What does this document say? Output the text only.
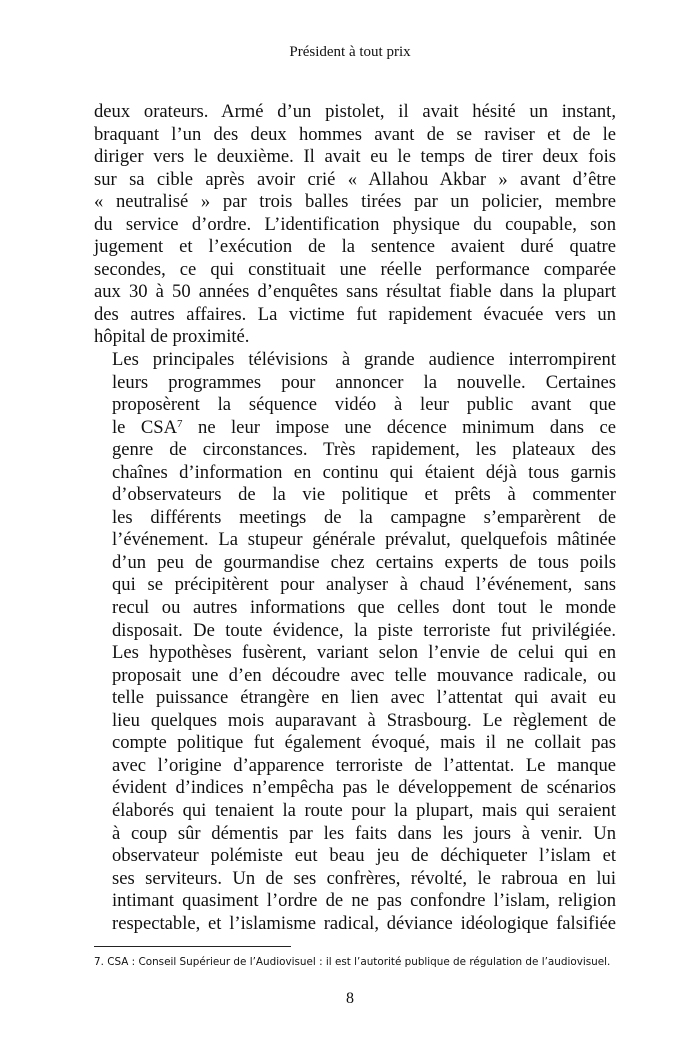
Président à tout prix

deux orateurs. Armé d’un pistolet, il avait hésité un instant,
braquant l’un des deux hommes avant de se raviser et de le
diriger vers le deuxième. Il avait eu le temps de tirer deux fois
sur sa cible après avoir crié « Allahou Akbar » avant d’être
« neutralisé » par trois balles tirées par un policier, membre
du service d’ordre. L’identification physique du coupable, son
jugement et l’exécution de la sentence avaient duré quatre
secondes, ce qui constituait une réelle performance comparée
aux 30 à 50 années d’enquêtes sans résultat fiable dans la plupart
des autres affaires. La victime fut rapidement évacuée vers un
hôpital de proximité.

Les principales télévisions à grande audience interrompirent
leurs programmes pour annoncer la nouvelle. Certaines
proposèrent la séquence vidéo à leur public avant que
le CSA$^7$ ne leur impose une décence minimum dans ce
genre de circonstances. Très rapidement, les plateaux des
chaînes d’information en continu qui étaient déjà tous garnis
d’observateurs de la vie politique et prêts à commenter
les différents meetings de la campagne s’emparèrent de
l’événement. La stupeur générale prévalut, quelquefois mâtinée
d’un peu de gourmandise chez certains experts de tous poils
qui se précipitèrent pour analyser à chaud l’événement, sans
recul ou autres informations que celles dont tout le monde
disposait. De toute évidence, la piste terroriste fut privilégiée.
Les hypothèses fusèrent, variant selon l’envie de celui qui en
proposait une d’en découdre avec telle mouvance radicale, ou
telle puissance étrangère en lien avec l’attentat qui avait eu
lieu quelques mois auparavant à Strasbourg. Le règlement de
compte politique fut également évoqué, mais il ne collait pas
avec l’origine d’apparence terroriste de l’attentat. Le manque
évident d’indices n’empêcha pas le développement de scénarios
élaborés qui tenaient la route pour la plupart, mais qui seraient
à coup sûr démentis par les faits dans les jours à venir. Un
observateur polémiste eut beau jeu de déchiqueter l’islam et
ses serviteurs. Un de ses confrères, révolté, le rabroua en lui
intimant quasiment l’ordre de ne pas confondre l’islam, religion
respectable, et l’islamisme radical, déviance idéologique falsifiée

7. CSA : Conseil Supérieur de l’Audiovisuel : il est l’autorité publique de régulation de l’audiovisuel.
8
